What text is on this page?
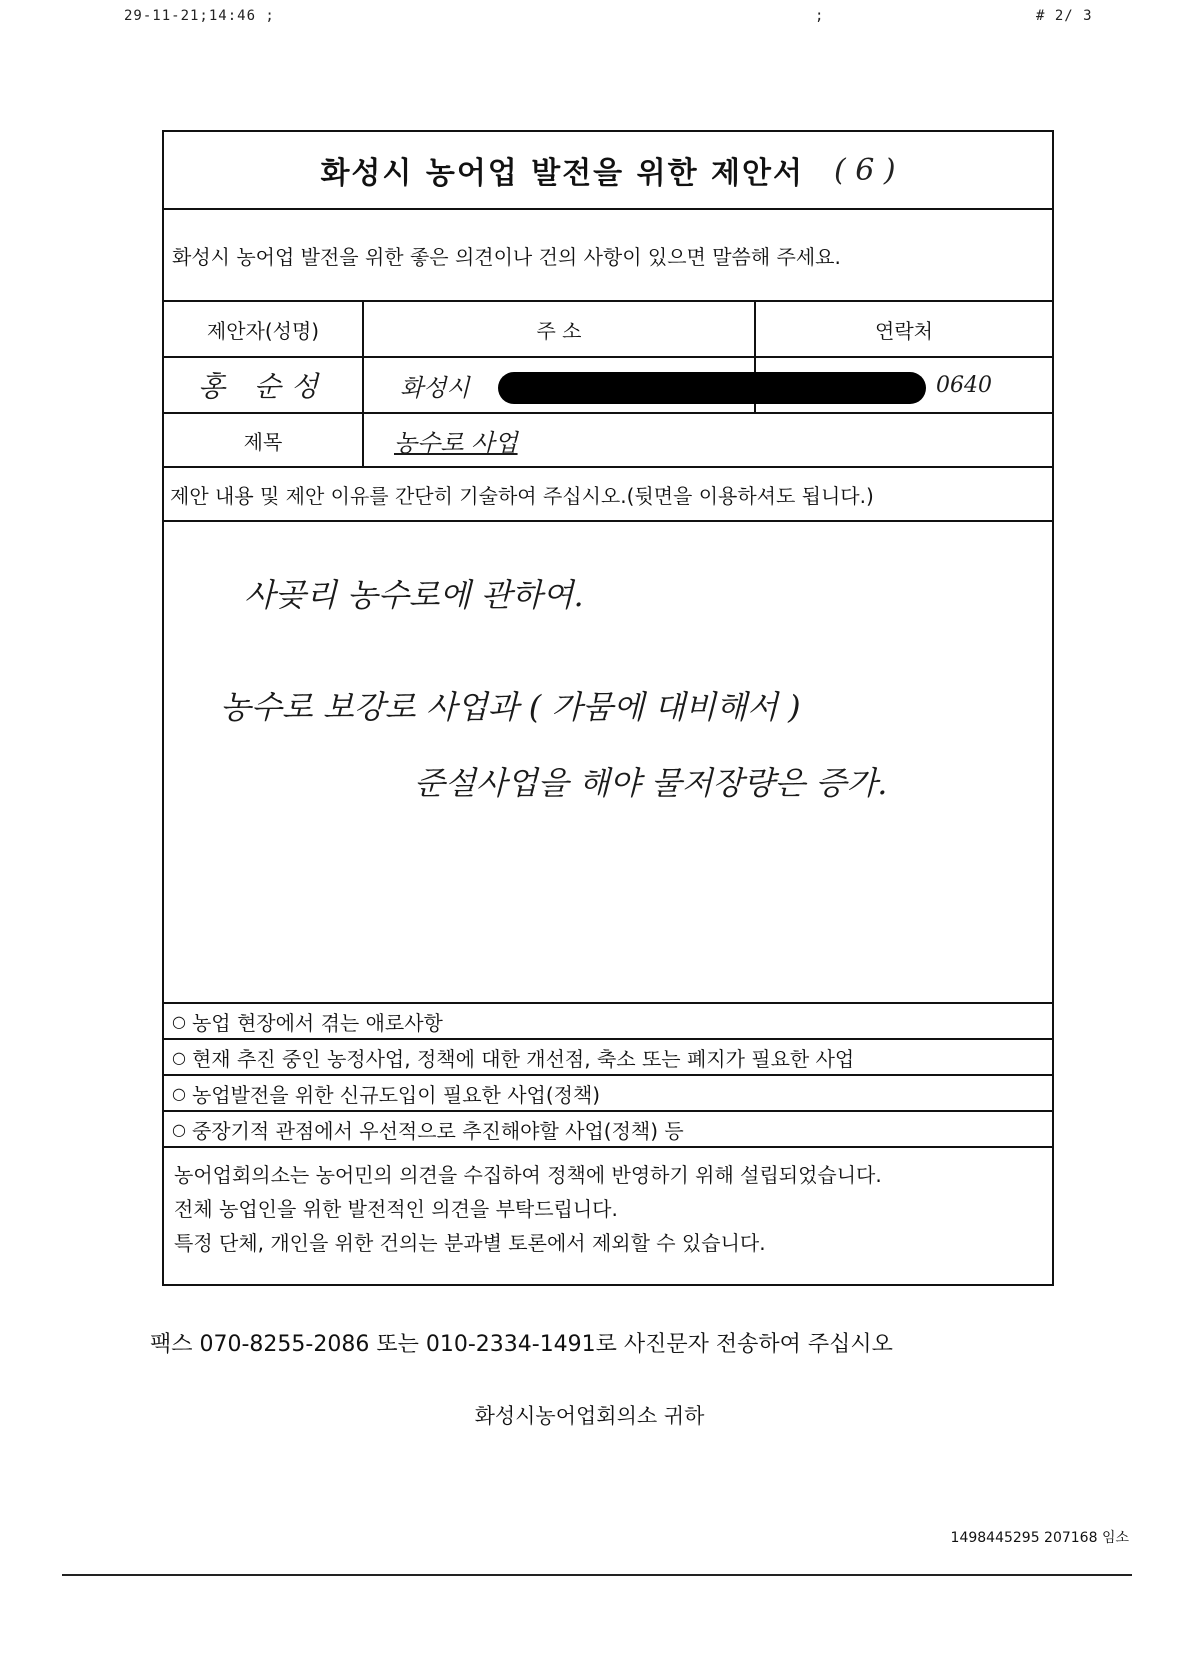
29-11-21;14:46 ;	;	# 2/ 3
화성시 농어업 발전을 위한 제안서 ( 6 )
화성시 농어업 발전을 위한 좋은 의견이나 건의 사항이 있으면 말씀해 주세요.
제안자(성명)	주 소	연락처
홍 순성	화성시	0640
제목	농수로 사업
제안 내용 및 제안 이유를 간단히 기술하여 주십시오.(뒷면을 이용하셔도 됩니다.)
사곶리 농수로에 관하여.
농수로 보강로 사업과 ( 가뭄에 대비해서 )
준설사업을 해야 물저장량은 증가.
○ 농업 현장에서 겪는 애로사항
○ 현재 추진 중인 농정사업, 정책에 대한 개선점, 축소 또는 폐지가 필요한 사업
○ 농업발전을 위한 신규도입이 필요한 사업(정책)
○ 중장기적 관점에서 우선적으로 추진해야할 사업(정책) 등
농어업회의소는 농어민의 의견을 수집하여 정책에 반영하기 위해 설립되었습니다.
전체 농업인을 위한 발전적인 의견을 부탁드립니다.
특정 단체, 개인을 위한 건의는 분과별 토론에서 제외할 수 있습니다.
팩스 070-8255-2086 또는 010-2334-1491로 사진문자 전송하여 주십시오
화성시농어업회의소 귀하
1498445295 207168 임소
